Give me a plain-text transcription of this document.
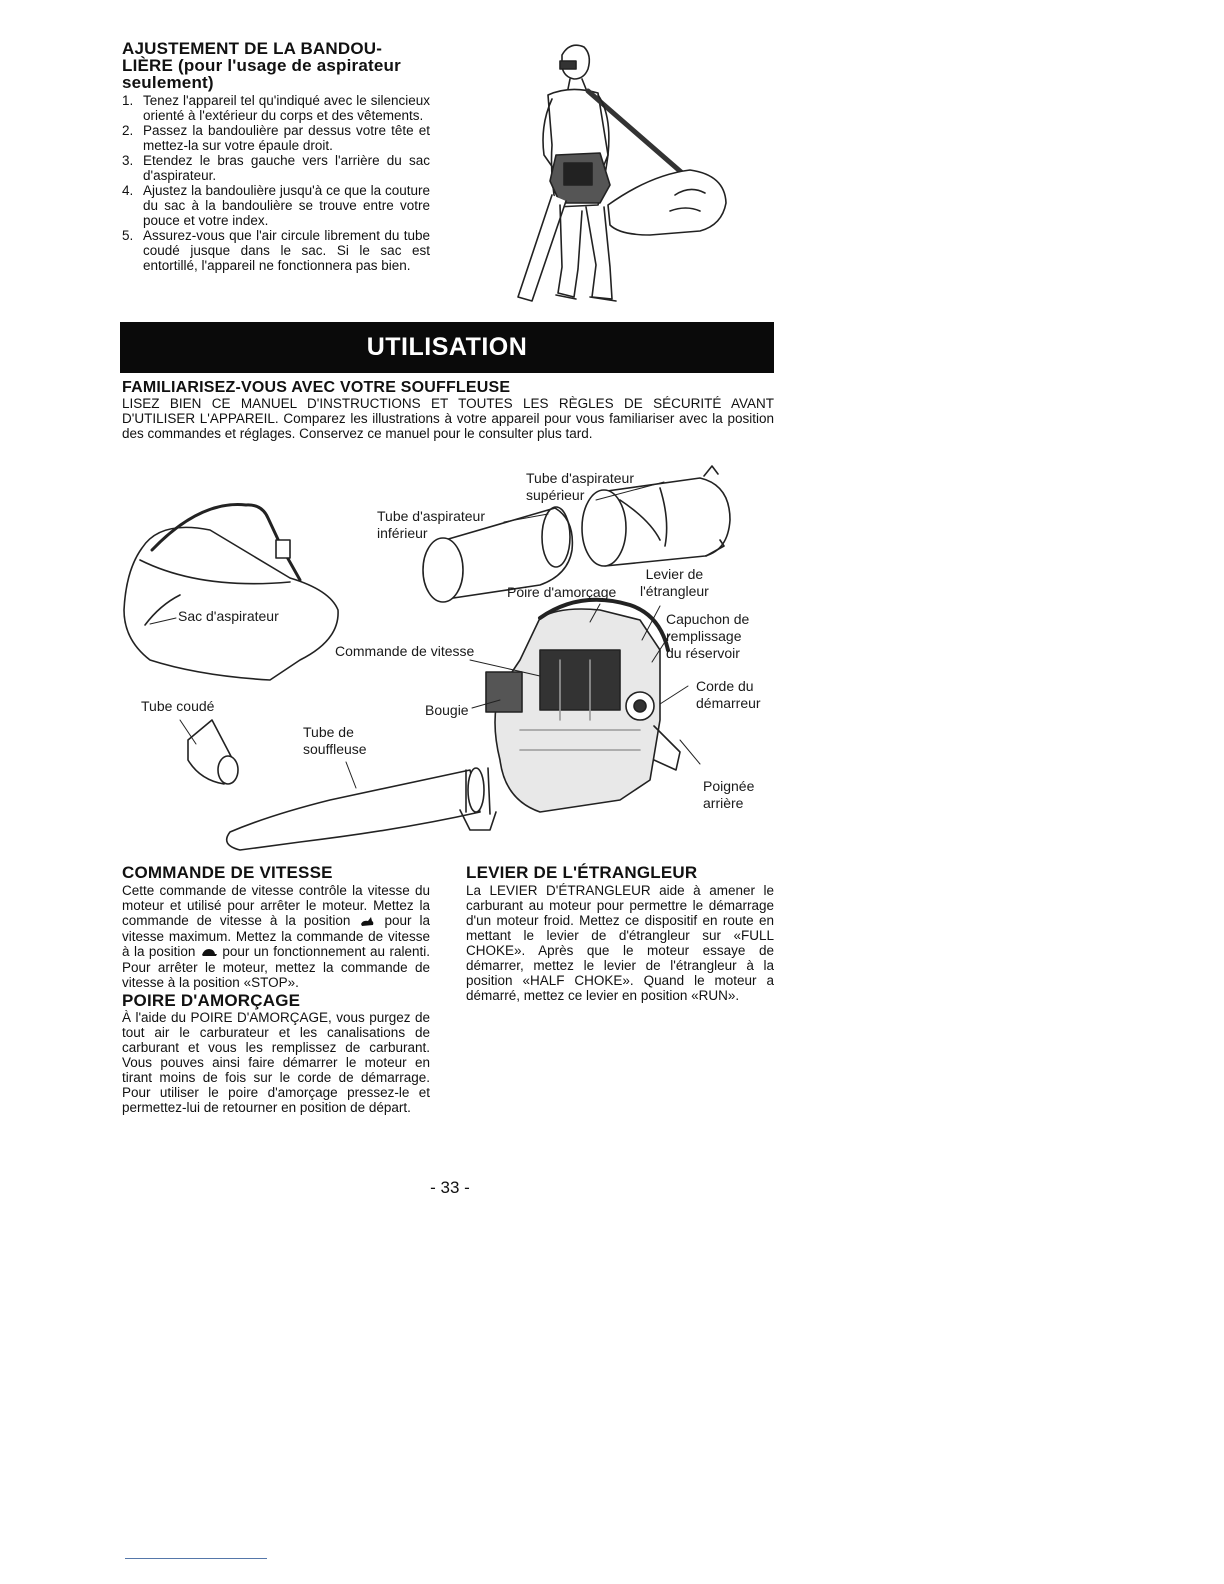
AJUSTEMENT DE LA BANDOU-
LIÈRE (pour l'usage de aspirateur
seulement)
1. Tenez l'appareil tel qu'indiqué avec le silencieux orienté à l'extérieur du corps et des vêtements.
2. Passez la bandoulière par dessus votre tête et mettez-la sur votre épaule droit.
3. Etendez le bras gauche vers l'arrière du sac d'aspirateur.
4. Ajustez la bandoulière jusqu'à ce que la couture du sac à la bandoulière se trouve entre votre pouce et votre index.
5. Assurez-vous que l'air circule librement du tube coudé jusque dans le sac. Si le sac est entortillé, l'appareil ne fonctionnera pas bien.
UTILISATION
FAMILIARISEZ-VOUS AVEC VOTRE SOUFFLEUSE
LISEZ BIEN CE MANUEL D'INSTRUCTIONS ET TOUTES LES RÈGLES DE SÉCURITÉ AVANT D'UTILISER L'APPAREIL. Comparez les illustrations à votre appareil pour vous familiariser avec la position des commandes et réglages. Conservez ce manuel pour le consulter plus tard.
Tube d'aspirateur
supérieur
Tube d'aspirateur
inférieur
Sac d'aspirateur
Poire d'amorçage
Levier de
l'étrangleur
Capuchon de
remplissage
du réservoir
Commande de vitesse
Corde du
démarreur
Tube coudé	Bougie
Tube de
souffleuse
Poignée
arrière
COMMANDE DE VITESSE
Cette commande de vitesse contrôle la vitesse du moteur et utilisé pour arrêter le moteur. Mettez la commande de vitesse à la position	pour la vitesse maximum. Mettez la commande de vitesse à la position pour un fonctionnement au ralenti. Pour arrêter le moteur, mettez la commande de vitesse à la position «STOP».
POIRE D'AMORÇAGE
À l'aide du POIRE D'AMORÇAGE, vous purgez de tout air le carburateur et les canalisations de carburant et vous les remplissez de carburant. Vous pouves ainsi faire démarrer le moteur en tirant moins de fois sur le corde de démarrage. Pour utiliser le poire d'amorçage pressez-le et permettez-lui de retourner en position de départ.
LEVIER DE L'ÉTRANGLEUR
La LEVIER D'ÉTRANGLEUR aide à amener le carburant au moteur pour permettre le démarrage d'un moteur froid. Mettez ce dispositif en route en mettant le levier de d'étrangleur sur «FULL CHOKE». Après que le moteur essaye de démarrer, mettez le levier de l'étrangleur à la position «HALF CHOKE». Quand le moteur a démarré, mettez ce levier en position «RUN».
- 33 -
